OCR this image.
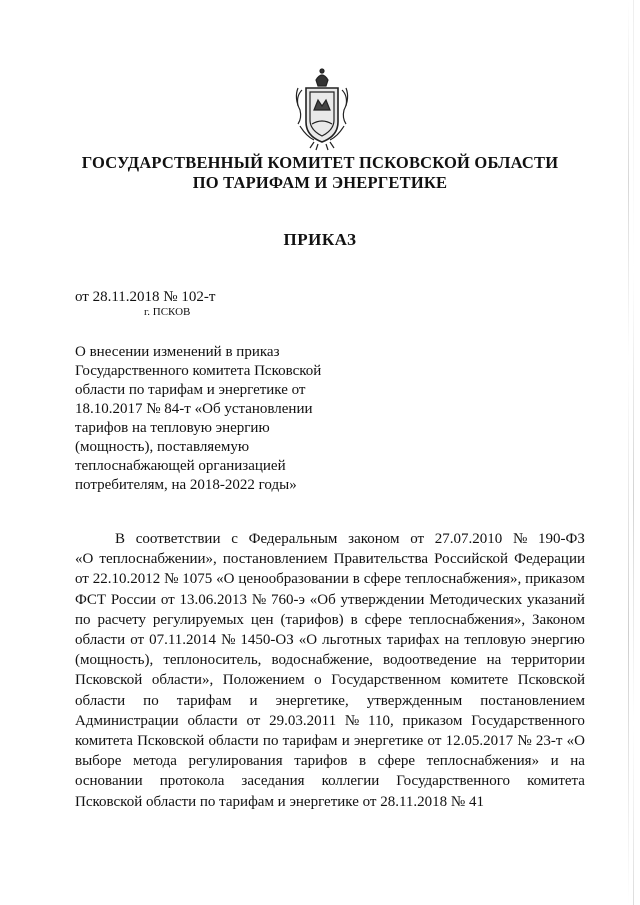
ГОСУДАРСТВЕННЫЙ КОМИТЕТ ПСКОВСКОЙ ОБЛАСТИ
ПО ТАРИФАМ И ЭНЕРГЕТИКЕ
ПРИКАЗ
от 28.11.2018 № 102-т
г. ПСКОВ
О внесении изменений в приказ
Государственного комитета Псковской
области по тарифам и энергетике от
18.10.2017 № 84-т «Об установлении
тарифов на тепловую энергию
(мощность), поставляемую
теплоснабжающей организацией
потребителям, на 2018-2022 годы»
В соответствии с Федеральным законом от 27.07.2010 № 190-ФЗ
«О теплоснабжении», постановлением Правительства Российской Федерации
от 22.10.2012 № 1075 «О ценообразовании в сфере теплоснабжения», приказом
ФСТ России от 13.06.2013 № 760-э «Об утверждении Методических указаний
по расчету регулируемых цен (тарифов) в сфере теплоснабжения», Законом
области от 07.11.2014 № 1450-ОЗ «О льготных тарифах на тепловую энергию
(мощность), теплоноситель, водоснабжение, водоотведение на территории
Псковской области», Положением о Государственном комитете Псковской
области по тарифам и энергетике, утвержденным постановлением
Администрации области от 29.03.2011 № 110, приказом Государственного
комитета Псковской области по тарифам и энергетике от 12.05.2017 № 23-т «О
выборе метода регулирования тарифов в сфере теплоснабжения» и на
основании протокола заседания коллегии Государственного комитета
Псковской области по тарифам и энергетике от 28.11.2018 № 41
